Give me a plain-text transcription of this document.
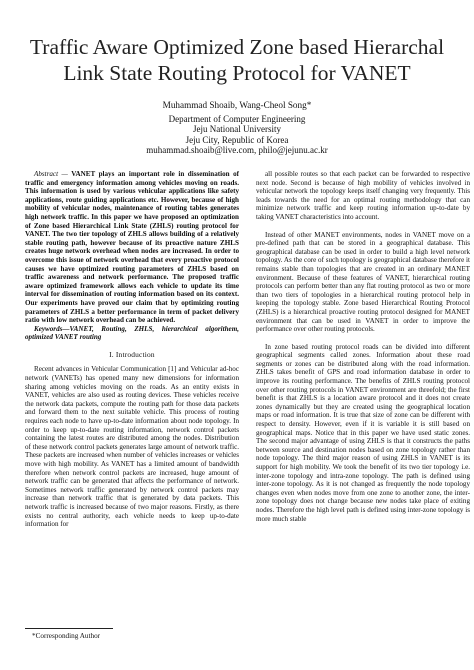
Traffic Aware Optimized Zone based Hierarchal Link State Routing Protocol for VANET
Muhammad Shoaib, Wang-Cheol Song*
Department of Computer Engineering
Jeju National University
Jeju City, Republic of Korea
muhammad.shoaib@live.com, philo@jejunu.ac.kr

Abstract — VANET plays an important role in dissemination of traffic and emergency information among vehicles moving on roads. This information is used by various vehicular applications like safety applications, route guiding applications etc. However, because of high mobility of vehicular nodes, maintenance of routing tables generates high network traffic. In this paper we have proposed an optimization of Zone based Hierarchical Link State (ZHLS) routing protocol for VANET. The two tier topology of ZHLS allows building of a relatively stable routing path, however because of its proactive nature ZHLS creates huge network overhead when nodes are increased. In order to overcome this issue of network overhead that every proactive protocol causes we have optimized routing parameters of ZHLS based on traffic awareness and network performance. The proposed traffic aware optimized framework allows each vehicle to update its time interval for dissemination of routing information based on its context. Our experiments have proved our claim that by optimizing routing parameters of ZHLS a better performance in term of packet delivery ratio with low network overhead can be achieved.

Keywords—VANET, Routing, ZHLS, hierarchical algorithem, optimized VANET routing

I. Introduction

Recent advances in Vehicular Communication [1] and Vehicular ad-hoc network (VANETs) has opened many new dimensions for information sharing among vehicles moving on the roads. As an entity exists in VANET, vehicles are also used as routing devices. These vehicles receive the network data packets, compute the routing path for those data packets and forward them to the next suitable vehicle. This process of routing requires each node to have up-to-date information about node topology. In order to keep up-to-date routing information, network control packets containing the latest routes are distributed among the nodes. Distribution of these network control packets generates large amount of network traffic. These packets are increased when number of vehicles increases or vehicles move with high mobility. As VANET has a limited amount of bandwidth therefore when network control packets are increased, huge amount of network traffic can be generated that affects the performance of network. Sometimes network traffic generated by network control packets may increase than network traffic that is generated by data packets. This network traffic is increased because of two major reasons. Firstly, as there exists no central authority, each vehicle needs to keep up-to-date information for

all possible routes so that each packet can be forwarded to respective next node. Second is because of high mobility of vehicles involved in vehicular network the topology keeps itself changing very frequently. This leads towards the need for an optimal routing methodology that can minimize network traffic and keep routing information up-to-date by taking VANET characteristics into account.

Instead of other MANET environments, nodes in VANET move on a pre-defined path that can be stored in a geographical database. This geographical database can be used in order to build a high level network topology. As the core of such topology is geographical database therefore it remains stable than topologies that are created in an ordinary MANET environment. Because of these features of VANET, hierarchical routing protocols can perform better than any flat routing protocol as two or more than two tiers of topologies in a hierarchical routing protocol help in keeping the topology stable. Zone based Hierarchical Routing Protocol (ZHLS) is a hierarchical proactive routing protocol designed for MANET environment that can be used in VANET in order to improve the performance over other routing protocols.

In zone based routing protocol roads can be divided into different geographical segments called zones. Information about these road segments or zones can be distributed along with the road information. ZHLS takes benefit of GPS and road information database in order to improve its routing performance. The benefits of ZHLS routing protocol over other routing protocols in VANET environment are threefold; the first benefit is that ZHLS is a location aware protocol and it does not create zones dynamically but they are created using the geographical location maps or road information. It is true that size of zone can be different with respect to density. However, even if it is variable it is still based on geographical maps. Notice that in this paper we have used static zones. The second major advantage of using ZHLS is that it constructs the paths between source and destination nodes based on zone topology rather than node topology. The third major reason of using ZHLS in VANET is its support for high mobility. We took the benefit of its two tier topology i.e. inter-zone topology and intra-zone topology. The path is defined using inter-zone topology. As it is not changed as frequently the node topology changes even when nodes move from one zone to another zone, the inter-zone topology does not change because new nodes take place of exiting nodes. Therefore the high level path is defined using inter-zone topology is more much stable

*Corresponding Author
